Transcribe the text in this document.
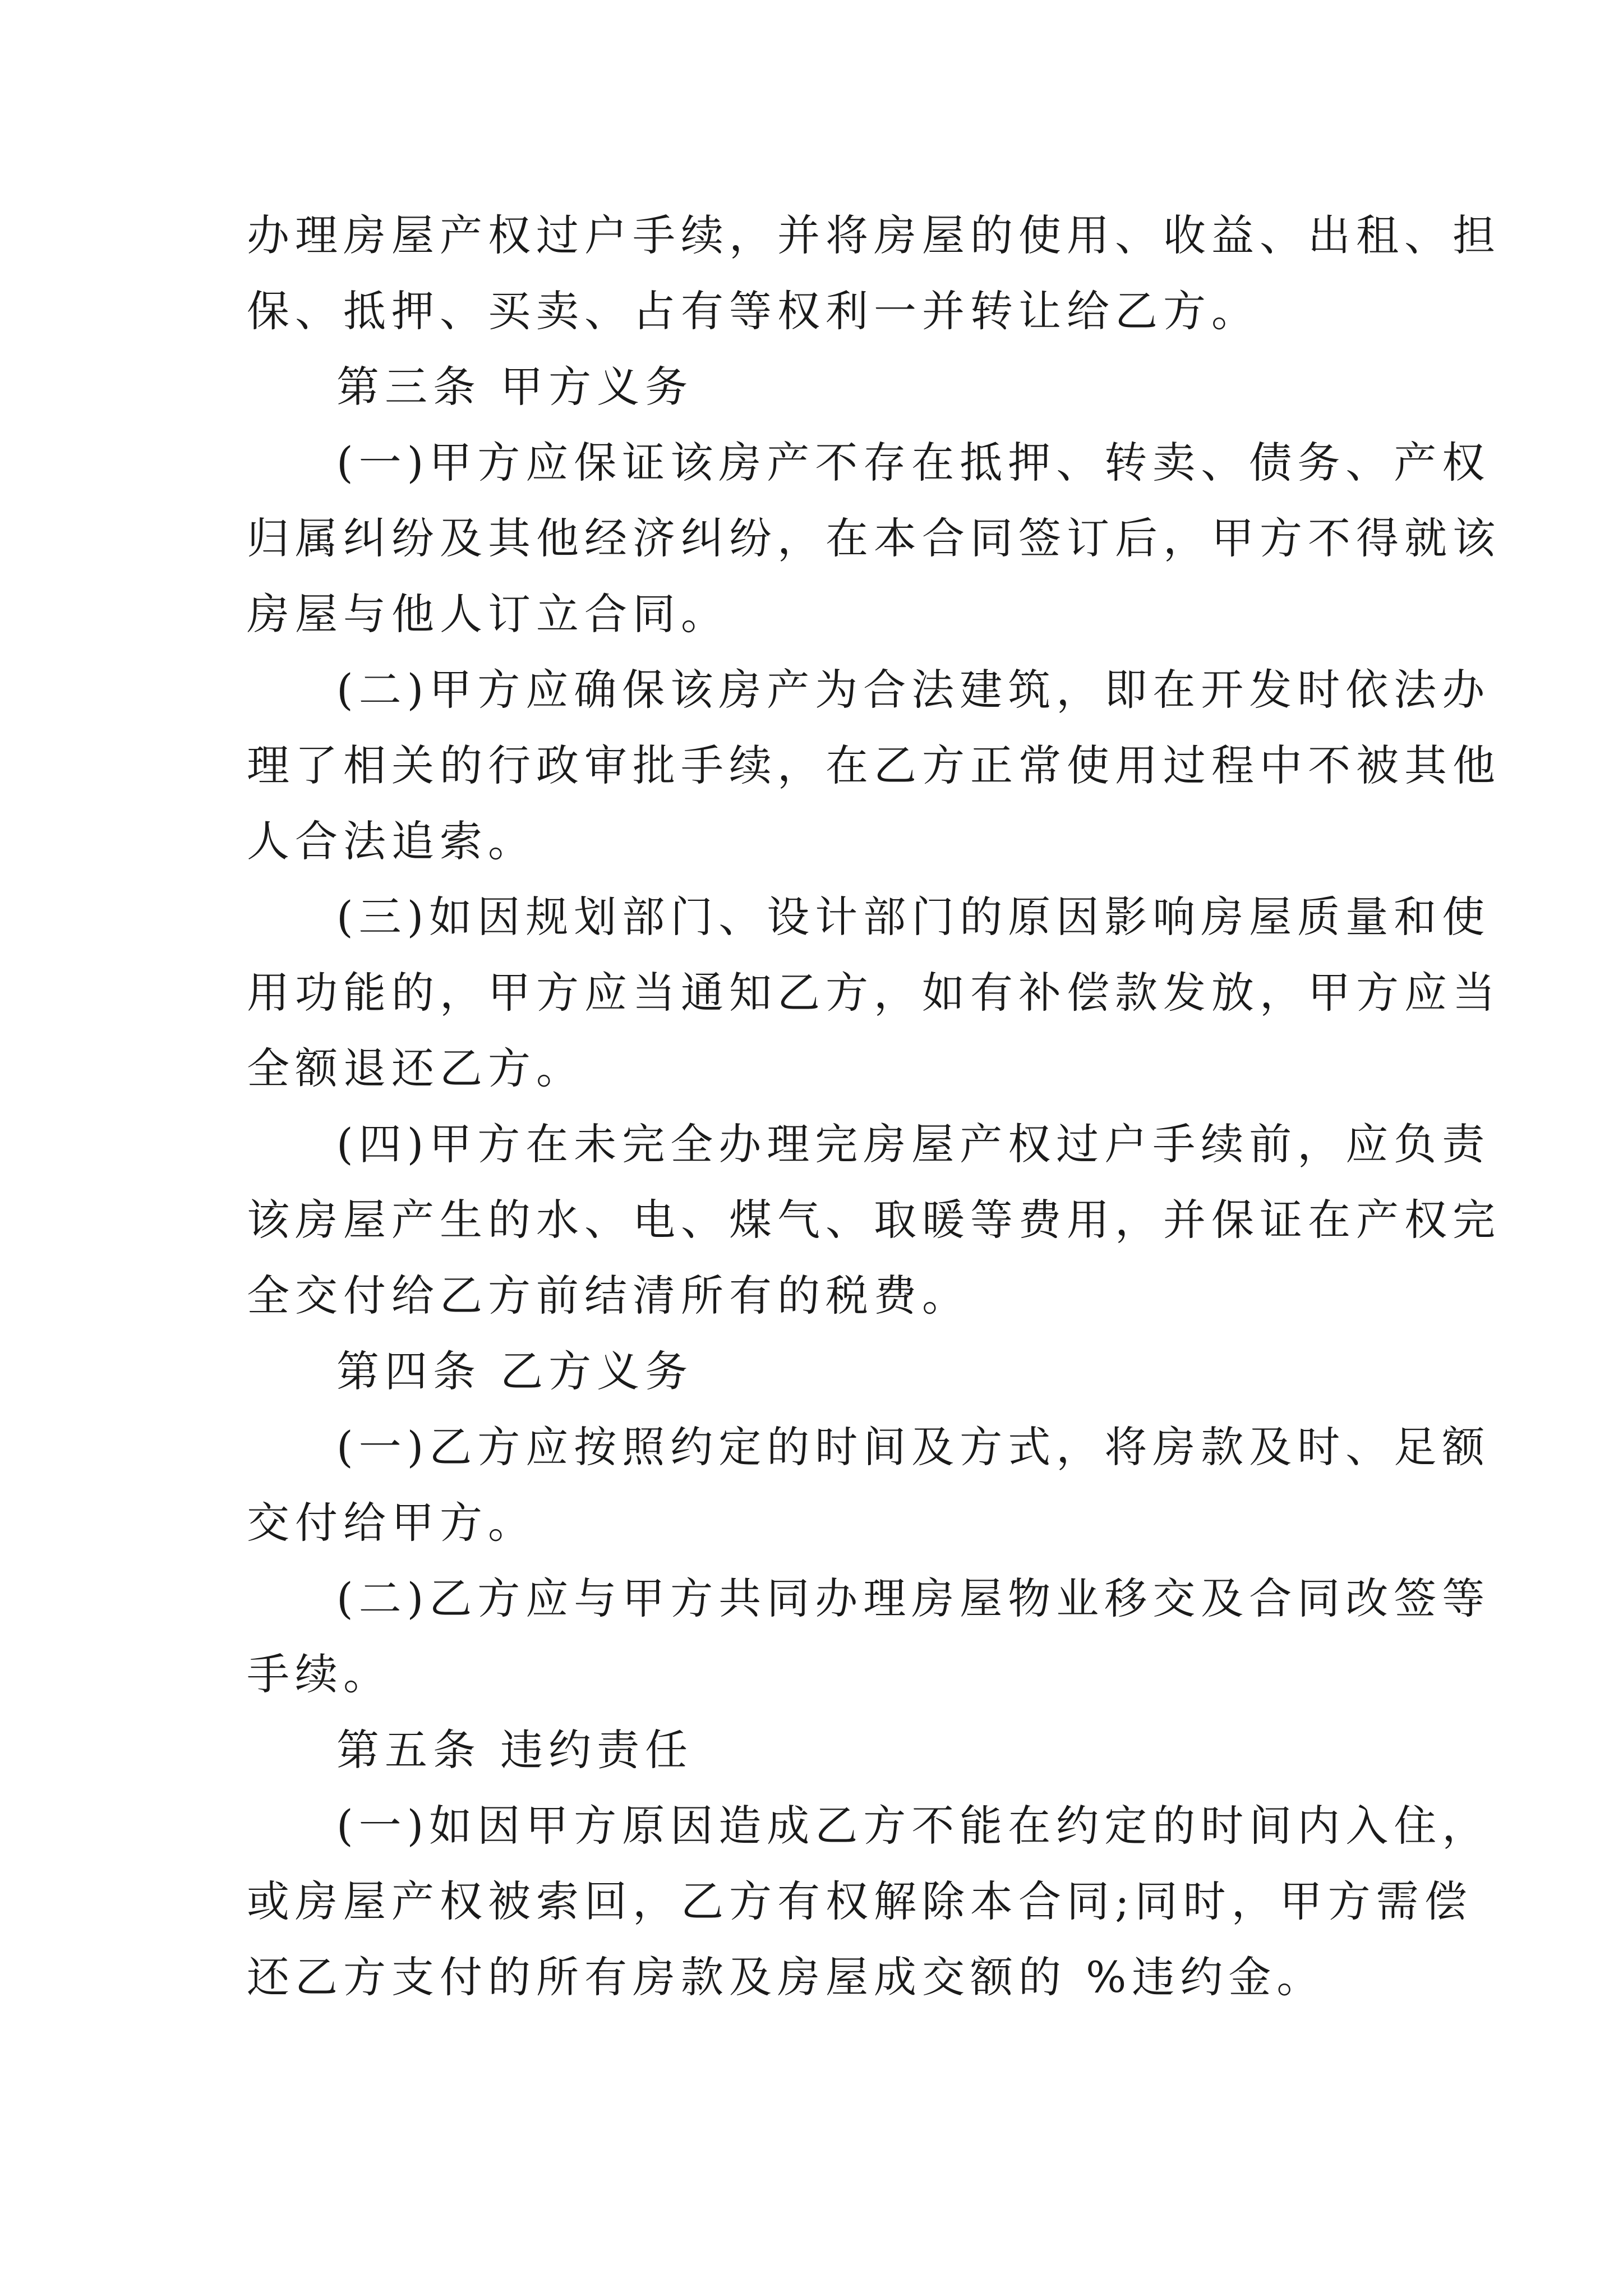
办理房屋产权过户手续，并将房屋的使用、收益、出租、担
保、抵押、买卖、占有等权利一并转让给乙方。
第三条 甲方义务
(一)甲方应保证该房产不存在抵押、转卖、债务、产权
归属纠纷及其他经济纠纷，在本合同签订后，甲方不得就该
房屋与他人订立合同。
(二)甲方应确保该房产为合法建筑，即在开发时依法办
理了相关的行政审批手续，在乙方正常使用过程中不被其他
人合法追索。
(三)如因规划部门、设计部门的原因影响房屋质量和使
用功能的，甲方应当通知乙方，如有补偿款发放，甲方应当
全额退还乙方。
(四)甲方在未完全办理完房屋产权过户手续前，应负责
该房屋产生的水、电、煤气、取暖等费用，并保证在产权完
全交付给乙方前结清所有的税费。
第四条 乙方义务
(一)乙方应按照约定的时间及方式，将房款及时、足额
交付给甲方。
(二)乙方应与甲方共同办理房屋物业移交及合同改签等
手续。
第五条 违约责任
(一)如因甲方原因造成乙方不能在约定的时间内入住，
或房屋产权被索回，乙方有权解除本合同;同时，甲方需偿
还乙方支付的所有房款及房屋成交额的 %违约金。
